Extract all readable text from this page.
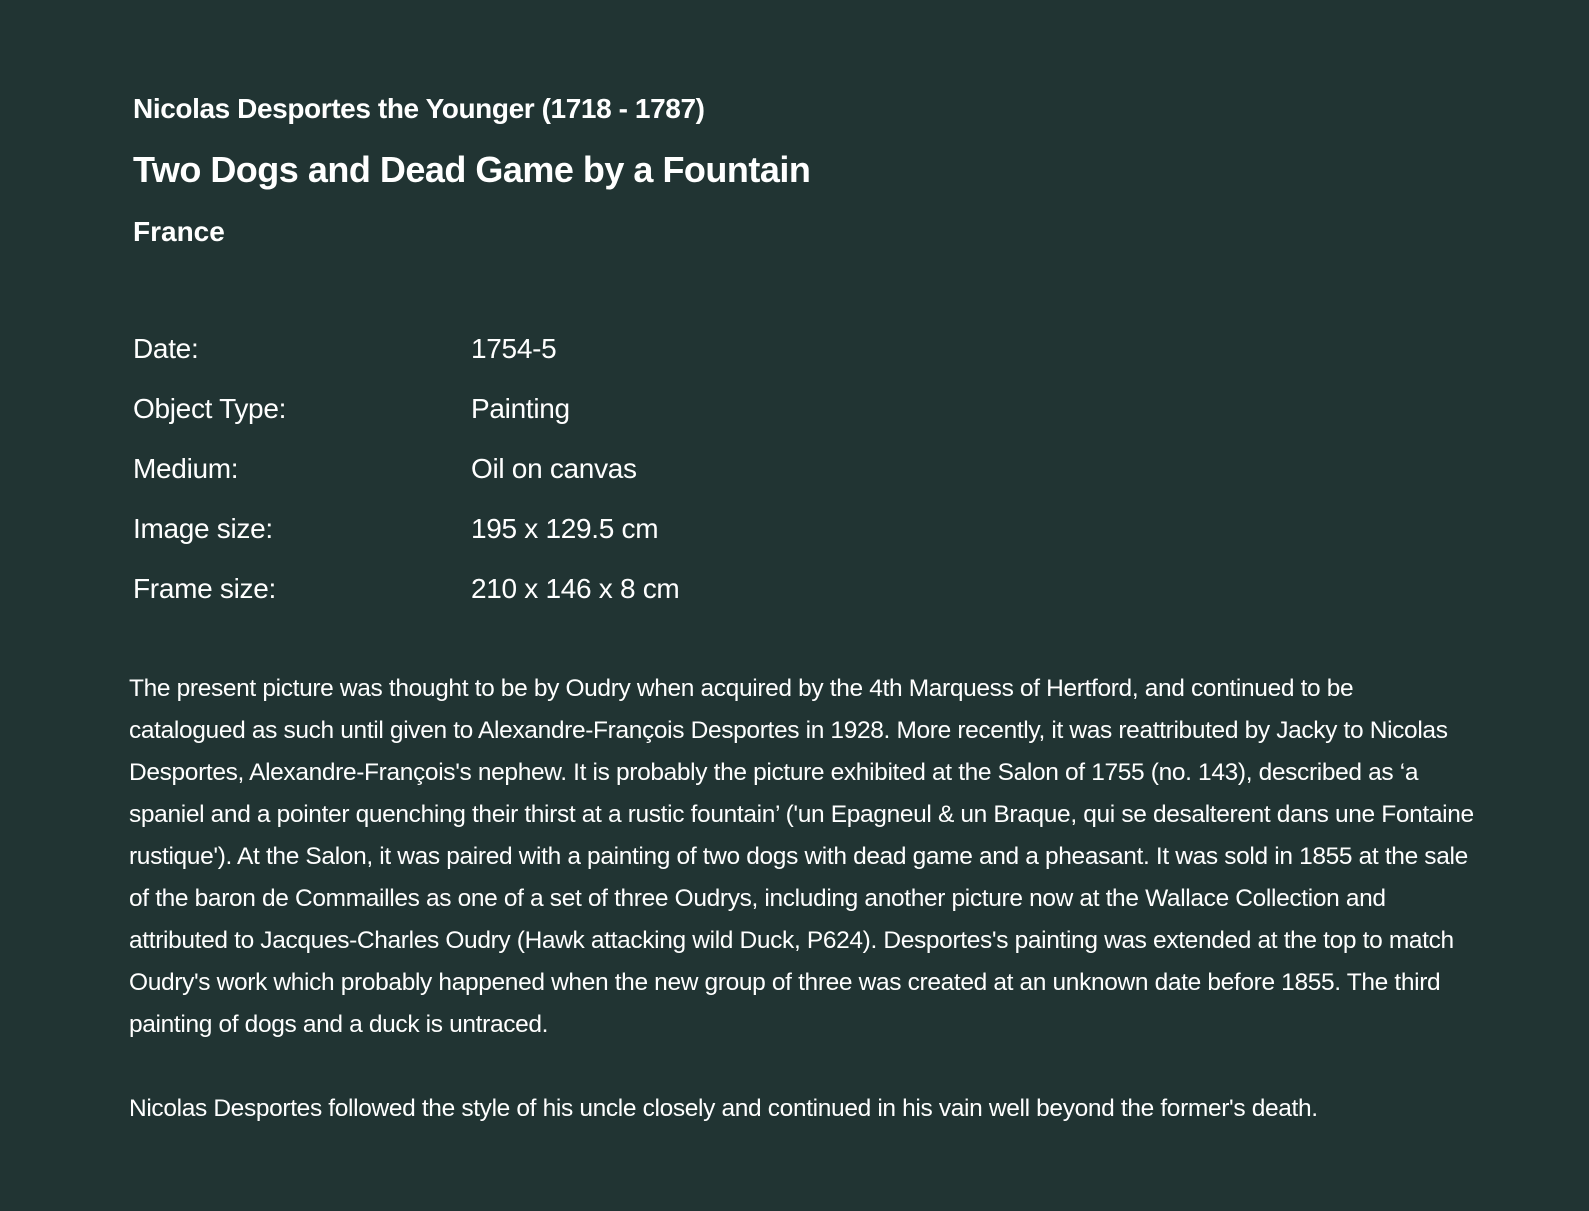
Nicolas Desportes the Younger (1718 - 1787)
Two Dogs and Dead Game by a Fountain
France
Date:	1754-5
Object Type:	Painting
Medium:	Oil on canvas
Image size:	195 x 129.5 cm
Frame size:	210 x 146 x 8 cm

The present picture was thought to be by Oudry when acquired by the 4th Marquess of Hertford, and continued to be catalogued as such until given to Alexandre-François Desportes in 1928. More recently, it was reattributed by Jacky to Nicolas Desportes, Alexandre-François's nephew. It is probably the picture exhibited at the Salon of 1755 (no. 143), described as ‘a spaniel and a pointer quenching their thirst at a rustic fountain’ ('un Epagneul & un Braque, qui se desalterent dans une Fontaine rustique'). At the Salon, it was paired with a painting of two dogs with dead game and a pheasant. It was sold in 1855 at the sale of the baron de Commailles as one of a set of three Oudrys, including another picture now at the Wallace Collection and attributed to Jacques-Charles Oudry (Hawk attacking wild Duck, P624). Desportes's painting was extended at the top to match Oudry's work which probably happened when the new group of three was created at an unknown date before 1855. The third painting of dogs and a duck is untraced.

Nicolas Desportes followed the style of his uncle closely and continued in his vain well beyond the former's death.
